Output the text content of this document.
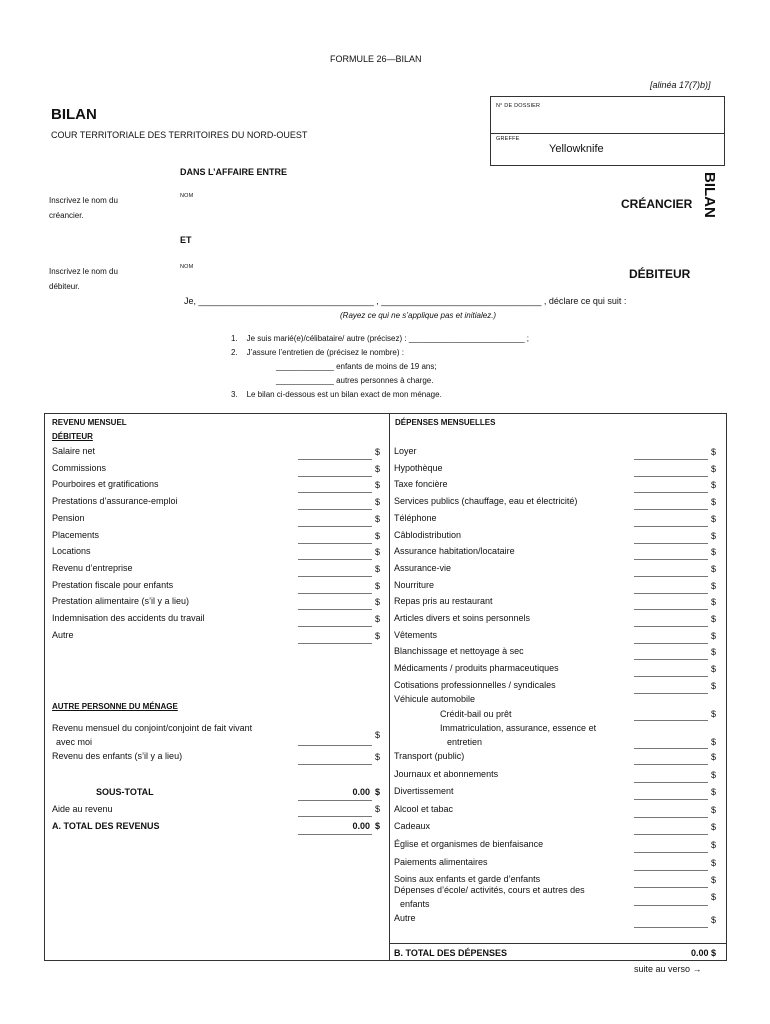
FORMULE 26—BILAN
[alinéa 17(7)b)]
BILAN
COUR TERRITORIALE DES TERRITOIRES DU NORD-OUEST
N° DE DOSSIER
GREFFE
Yellowknife
BILAN
DANS L’AFFAIRE ENTRE
Inscrivez le nom du créancier.
NOM
CRÉANCIER
ET
Inscrivez le nom du débiteur.
NOM	DÉBITEUR
Je, ___________________________________ , ________________________________ , déclare ce qui suit :
(Rayez ce qui ne s’applique pas et initialez.)
1.    Je suis marié(e)/célibataire/ autre (précisez) : __________________________ ;
2.    J’assure l’entretien de (précisez le nombre) :
_____________ enfants de moins de 19 ans;
_____________ autres personnes à charge.
3.    Le bilan ci-dessous est un bilan exact de mon ménage.
REVENU MENSUEL
DÉBITEUR
Salaire net	$
Commissions	$
Pourboires et gratifications	$
Prestations d’assurance-emploi	$
Pension	$
Placements	$
Locations	$
Revenu d’entreprise	$
Prestation fiscale pour enfants	$
Prestation alimentaire (s’il y a lieu)	$
Indemnisation des accidents du travail	$
Autre	$
AUTRE PERSONNE DU MÉNAGE
Revenu mensuel du conjoint/conjoint de fait vivant
avec moi
$
Revenu des enfants (s’il y a lieu)	$
SOUS-TOTAL	0.00 $
Aide au revenu	$
A. TOTAL DES REVENUS	0.00 $
DÉPENSES MENSUELLES
Loyer	$
Hypothèque	$
Taxe foncière	$
Services publics (chauffage, eau et électricité)	$
Téléphone	$
Câblodistribution	$
Assurance habitation/locataire	$
Assurance-vie	$
Nourriture	$
Repas pris au restaurant	$
Articles divers et soins personnels	$
Vêtements	$
Blanchissage et nettoyage à sec	$
Médicaments / produits pharmaceutiques	$
Cotisations professionnelles / syndicales	$
Véhicule automobile
Crédit-bail ou prêt	$
Immatriculation, assurance, essence et
entretien	$
Transport (public)	$
Journaux et abonnements	$
Divertissement	$
Alcool et tabac	$
Cadeaux	$
Église et organismes de bienfaisance	$
Paiements alimentaires	$
Soins aux enfants et garde d’enfants	$
Dépenses d’école/ activités, cours et autres des
enfants
$
Autre	$
B. TOTAL DES DÉPENSES	0.00 $
suite au verso →
